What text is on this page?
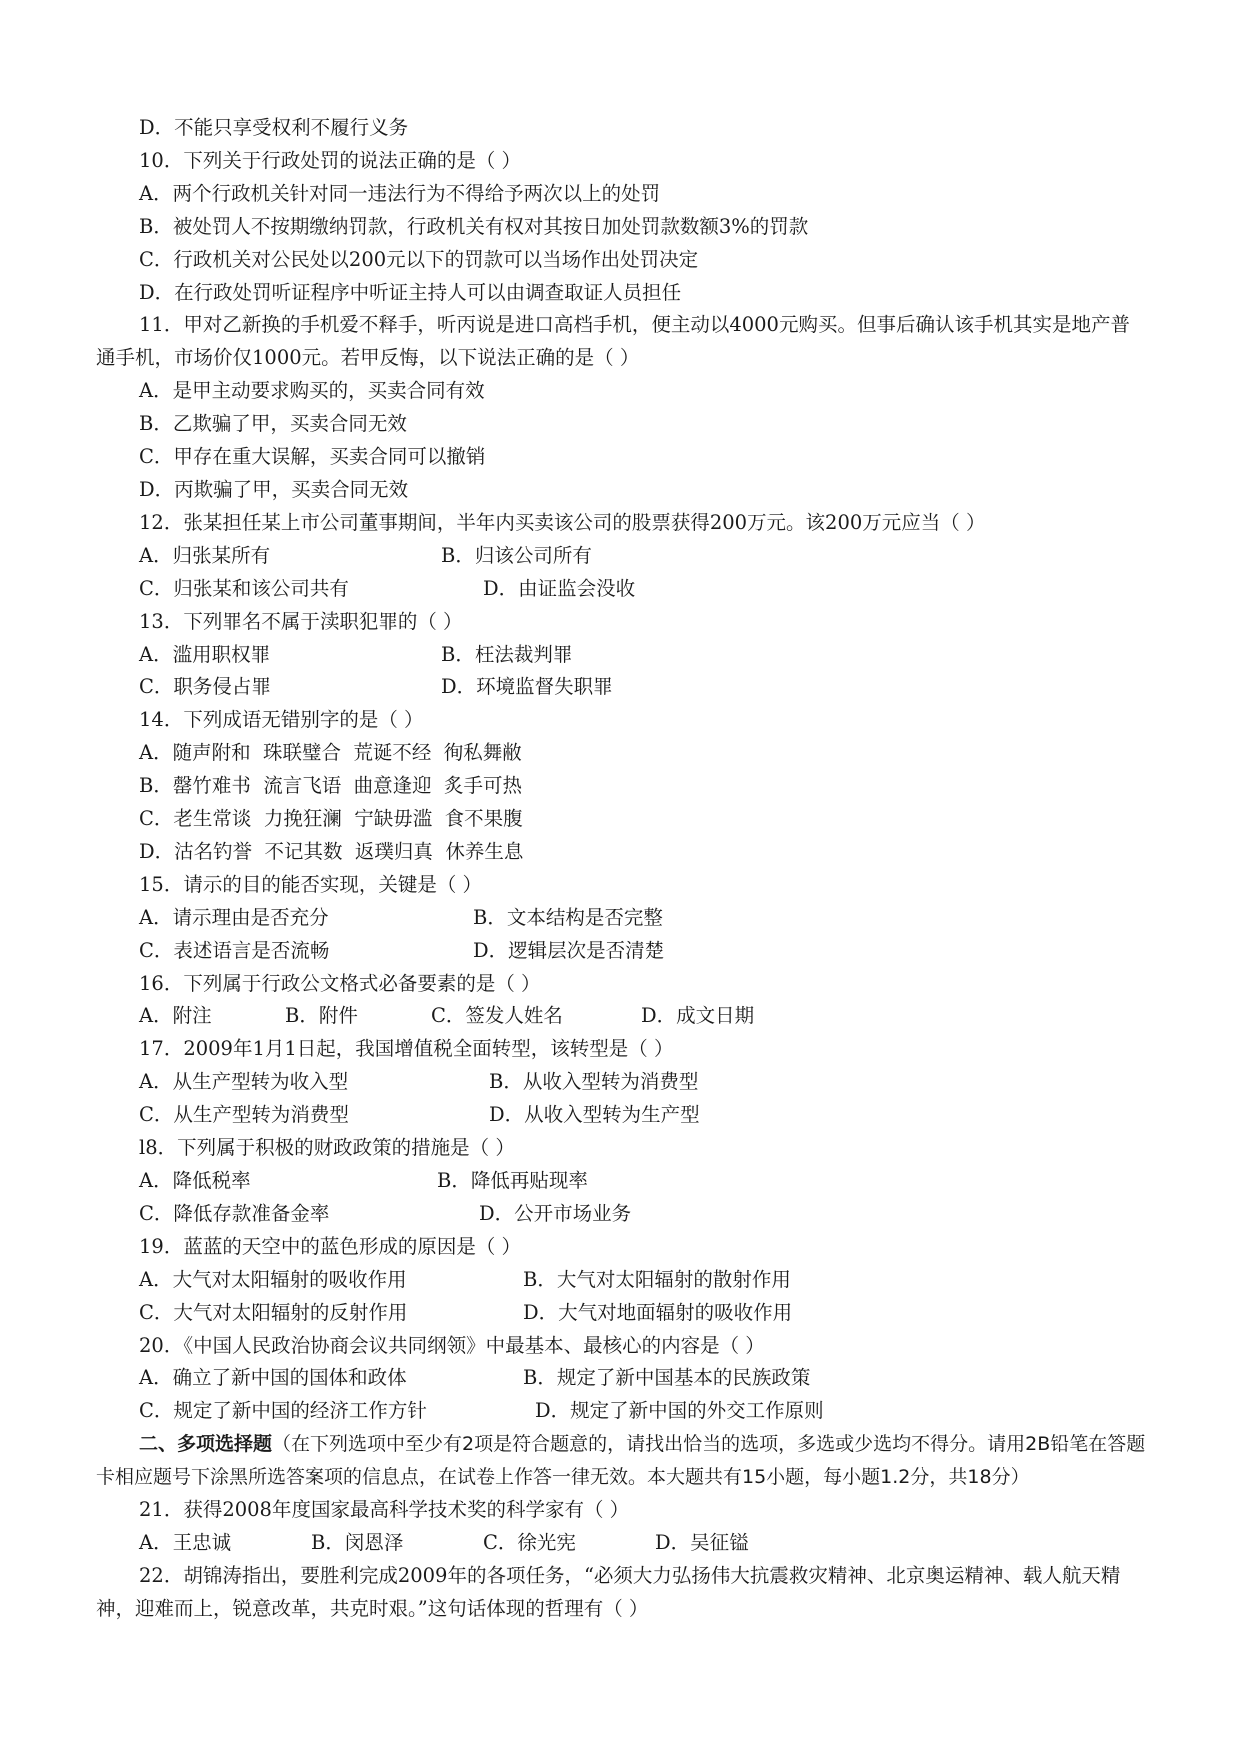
D．不能只享受权利不履行义务
10．下列关于行政处罚的说法正确的是（ ）
A．两个行政机关针对同一违法行为不得给予两次以上的处罚
B．被处罚人不按期缴纳罚款，行政机关有权对其按日加处罚款数额3%的罚款
C．行政机关对公民处以200元以下的罚款可以当场作出处罚决定
D．在行政处罚听证程序中听证主持人可以由调查取证人员担任
11．甲对乙新换的手机爱不释手，听丙说是进口高档手机，便主动以4000元购买。但事后确认该手机其实是地产普通手机，市场价仅1000元。若甲反悔，以下说法正确的是（ ）
A．是甲主动要求购买的，买卖合同有效
B．乙欺骗了甲，买卖合同无效
C．甲存在重大误解，买卖合同可以撤销
D．丙欺骗了甲，买卖合同无效
12．张某担任某上市公司董事期间，半年内买卖该公司的股票获得200万元。该200万元应当（ ）
A．归张某所有	B．归该公司所有
C．归张某和该公司共有	D．由证监会没收
13．下列罪名不属于渎职犯罪的（ ）
A．滥用职权罪	B．枉法裁判罪
C．职务侵占罪	D．环境监督失职罪
14．下列成语无错别字的是（ ）
A．随声附和  珠联璧合  荒诞不经  徇私舞敝
B．罄竹难书  流言飞语  曲意逢迎  炙手可热
C．老生常谈  力挽狂澜  宁缺毋滥  食不果腹
D．沽名钓誉  不记其数  返璞归真  休养生息
15．请示的目的能否实现，关键是（ ）
A．请示理由是否充分	B．文本结构是否完整
C．表述语言是否流畅	D．逻辑层次是否清楚
16．下列属于行政公文格式必备要素的是（ ）
A．附注	B．附件	C．签发人姓名	D．成文日期
17．2009年1月1日起，我国增值税全面转型，该转型是（ ）
A．从生产型转为收入型	B．从收入型转为消费型
C．从生产型转为消费型	D．从收入型转为生产型
l8．下列属于积极的财政政策的措施是（ ）
A．降低税率	B．降低再贴现率
C．降低存款准备金率	D．公开市场业务
19．蓝蓝的天空中的蓝色形成的原因是（ ）
A．大气对太阳辐射的吸收作用	B．大气对太阳辐射的散射作用
C．大气对太阳辐射的反射作用	D．大气对地面辐射的吸收作用
20．《中国人民政治协商会议共同纲领》中最基本、最核心的内容是（ ）
A．确立了新中国的国体和政体	B．规定了新中国基本的民族政策
C．规定了新中国的经济工作方针	D．规定了新中国的外交工作原则
二、多项选择题（在下列选项中至少有2项是符合题意的，请找出恰当的选项，多选或少选均不得分。请用2B铅笔在答题卡相应题号下涂黑所选答案项的信息点，在试卷上作答一律无效。本大题共有15小题，每小题1.2分，共18分）
21．获得2008年度国家最高科学技术奖的科学家有（ ）
A．王忠诚	B．闵恩泽	C．徐光宪	D．吴征镒
22．胡锦涛指出，要胜利完成2009年的各项任务，“必须大力弘扬伟大抗震救灾精神、北京奥运精神、载人航天精神，迎难而上，锐意改革，共克时艰。”这句话体现的哲理有（ ）
